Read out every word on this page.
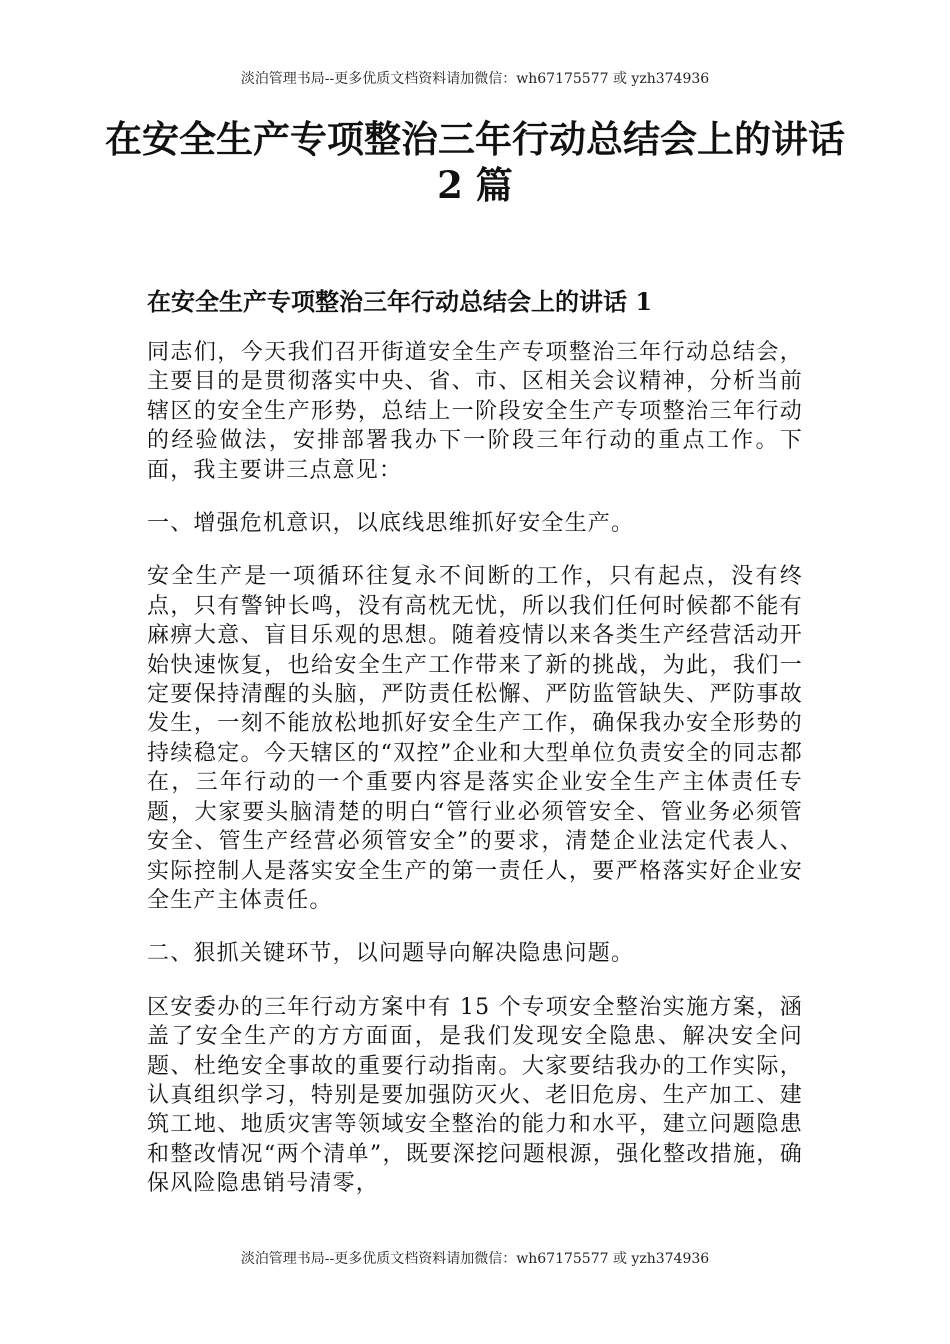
淡泊管理书局--更多优质文档资料请加微信：wh67175577 或 yzh374936
在安全生产专项整治三年行动总结会上的讲话 2 篇
在安全生产专项整治三年行动总结会上的讲话 1

同志们，今天我们召开街道安全生产专项整治三年行动总结会，主要目的是贯彻落实中央、省、市、区相关会议精神，分析当前辖区的安全生产形势，总结上一阶段安全生产专项整治三年行动的经验做法，安排部署我办下一阶段三年行动的重点工作。下面，我主要讲三点意见：

一、增强危机意识，以底线思维抓好安全生产。

安全生产是一项循环往复永不间断的工作，只有起点，没有终点，只有警钟长鸣，没有高枕无忧，所以我们任何时候都不能有麻痹大意、盲目乐观的思想。随着疫情以来各类生产经营活动开始快速恢复，也给安全生产工作带来了新的挑战，为此，我们一定要保持清醒的头脑，严防责任松懈、严防监管缺失、严防事故发生，一刻不能放松地抓好安全生产工作，确保我办安全形势的持续稳定。今天辖区的“双控”企业和大型单位负责安全的同志都在，三年行动的一个重要内容是落实企业安全生产主体责任专题，大家要头脑清楚的明白“管行业必须管安全、管业务必须管安全、管生产经营必须管安全”的要求，清楚企业法定代表人、实际控制人是落实安全生产的第一责任人，要严格落实好企业安全生产主体责任。

二、狠抓关键环节，以问题导向解决隐患问题。

区安委办的三年行动方案中有 15 个专项安全整治实施方案，涵盖了安全生产的方方面面，是我们发现安全隐患、解决安全问题、杜绝安全事故的重要行动指南。大家要结我办的工作实际，认真组织学习，特别是要加强防灭火、老旧危房、生产加工、建筑工地、地质灾害等领域安全整治的能力和水平，建立问题隐患和整改情况“两个清单”，既要深挖问题根源，强化整改措施，确保风险隐患销号清零，

淡泊管理书局--更多优质文档资料请加微信：wh67175577 或 yzh374936
